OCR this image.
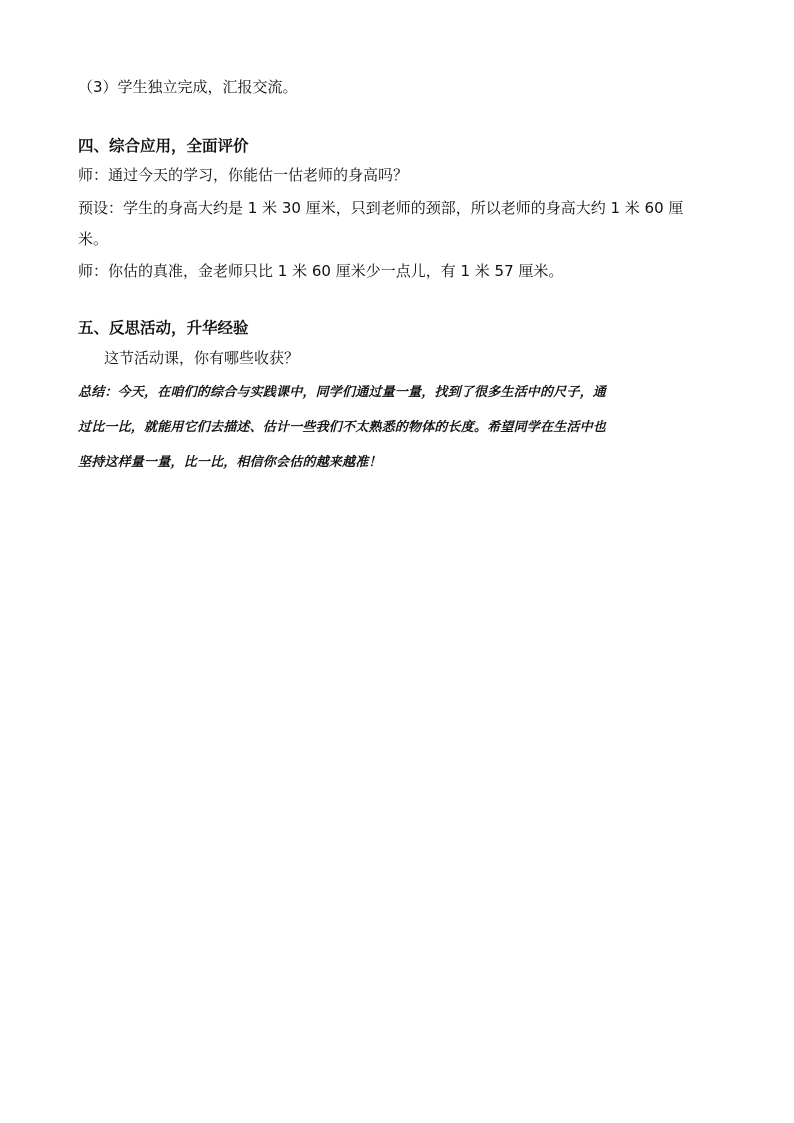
（3）学生独立完成，汇报交流。
四、综合应用，全面评价
师：通过今天的学习，你能估一估老师的身高吗？
预设：学生的身高大约是 1 米 30 厘米，只到老师的颈部，所以老师的身高大约 1 米 60 厘
米。
师：你估的真准，金老师只比 1 米 60 厘米少一点儿，有 1 米 57 厘米。
五、反思活动，升华经验
这节活动课，你有哪些收获？
总结：今天，在咱们的综合与实践课中，同学们通过量一量，找到了很多生活中的尺子，通
过比一比，就能用它们去描述、估计一些我们不太熟悉的物体的长度。希望同学在生活中也
坚持这样量一量，比一比，相信你会估的越来越准！
